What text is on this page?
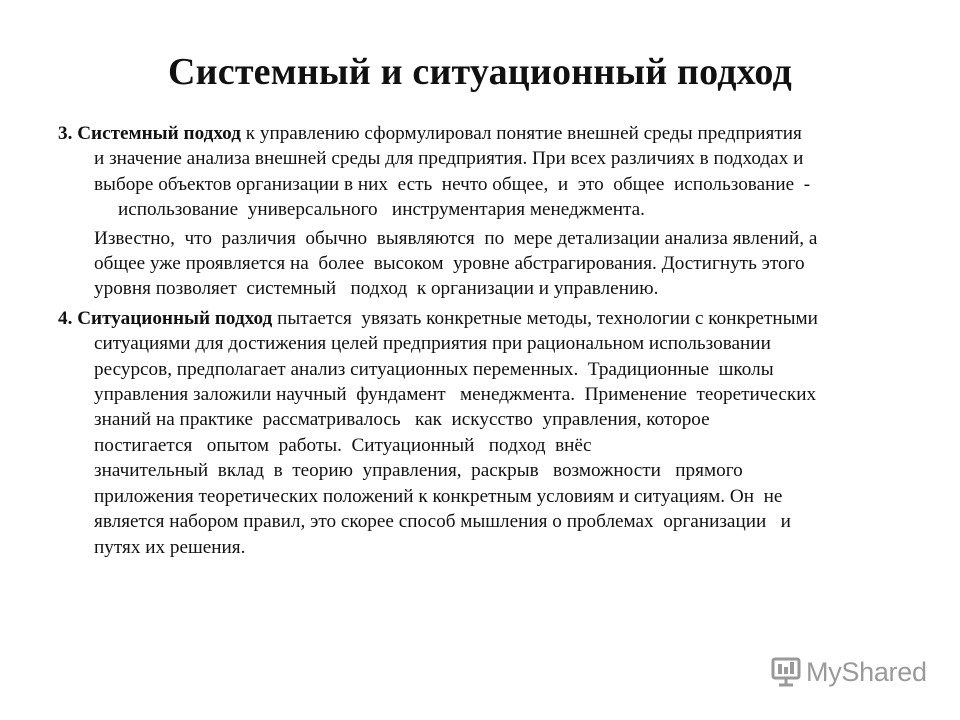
Системный и ситуационный подход
3. Системный подход к управлению сформулировал понятие внешней среды предприятия
и значение анализа внешней среды для предприятия. При всех различиях в подходах и
выборе объектов организации в них  есть  нечто общее,  и  это  общее  использование  -
использование  универсального   инструментария менеджмента.
Известно,  что  различия  обычно  выявляются  по  мере детализации анализа явлений, а
общее уже проявляется на  более  высоком  уровне абстрагирования. Достигнуть этого
уровня позволяет  системный   подход  к организации и управлению.
4. Ситуационный подход пытается  увязать конкретные методы, технологии с конкретными
ситуациями для достижения целей предприятия при рациональном использовании
ресурсов, предполагает анализ ситуационных переменных.  Традиционные  школы
управления заложили научный  фундамент   менеджмента.  Применение  теоретических
знаний на практике  рассматривалось   как  искусство  управления, которое
постигается   опытом  работы.  Ситуационный   подход  внёс
значительный  вклад  в  теорию  управления,  раскрыв   возможности   прямого
приложения теоретических положений к конкретным условиям и ситуациям. Он  не
является набором правил, это скорее способ мышления о проблемах  организации   и
путях их решения.
MyShared
